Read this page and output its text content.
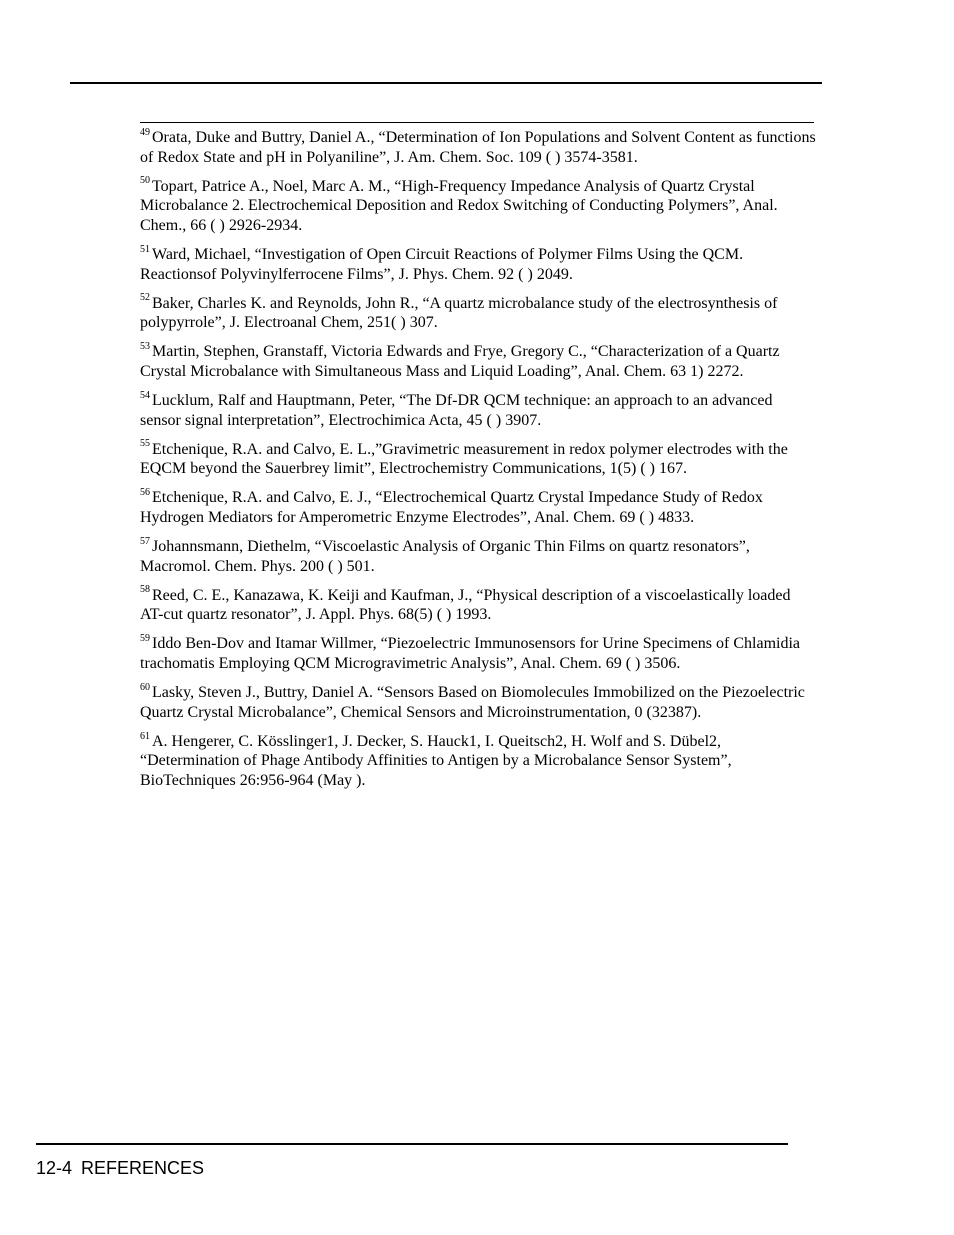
$^{49}$ Orata, Duke and Buttry, Daniel A., “Determination of Ion Populations and Solvent Content as functions of Redox State and pH in Polyaniline”, J. Am. Chem. Soc. 109 ( ) 3574-3581.

$^{50}$ Topart, Patrice A., Noel, Marc A. M., “High-Frequency Impedance Analysis of Quartz Crystal Microbalance 2. Electrochemical Deposition and Redox Switching of Conducting Polymers”, Anal. Chem., 66 ( ) 2926-2934.

$^{51}$ Ward, Michael, “Investigation of Open Circuit Reactions of Polymer Films Using the QCM. Reactionsof Polyvinylferrocene Films”, J. Phys. Chem. 92 ( ) 2049.

$^{52}$ Baker, Charles K. and Reynolds, John R., “A quartz microbalance study of the electrosynthesis of polypyrrole”, J. Electroanal Chem, 251( ) 307.

$^{53}$ Martin, Stephen, Granstaff, Victoria Edwards and Frye, Gregory C., “Characterization of a Quartz Crystal Microbalance with Simultaneous Mass and Liquid Loading”, Anal. Chem. 63 1) 2272.

$^{54}$ Lucklum, Ralf and Hauptmann, Peter, “The Df-DR QCM technique: an approach to an advanced sensor signal interpretation”, Electrochimica Acta, 45 ( ) 3907.

$^{55}$ Etchenique, R.A. and Calvo, E. L.,”Gravimetric measurement in redox polymer electrodes with the EQCM beyond the Sauerbrey limit”, Electrochemistry Communications, 1(5) ( ) 167.

$^{56}$ Etchenique, R.A. and Calvo, E. J., “Electrochemical Quartz Crystal Impedance Study of Redox Hydrogen Mediators for Amperometric Enzyme Electrodes”, Anal. Chem. 69 ( ) 4833.

$^{57}$ Johannsmann, Diethelm, “Viscoelastic Analysis of Organic Thin Films on quartz resonators”, Macromol. Chem. Phys. 200 ( ) 501.

$^{58}$ Reed, C. E., Kanazawa, K. Keiji and Kaufman, J., “Physical description of a viscoelastically loaded AT-cut quartz resonator”, J. Appl. Phys. 68(5) ( ) 1993.

$^{59}$ Iddo Ben-Dov and Itamar Willmer, “Piezoelectric Immunosensors for Urine Specimens of Chlamidia trachomatis Employing QCM Microgravimetric Analysis”, Anal. Chem. 69 ( ) 3506.

$^{60}$ Lasky, Steven J., Buttry, Daniel A. “Sensors Based on Biomolecules Immobilized on the Piezoelectric Quartz Crystal Microbalance”, Chemical Sensors and Microinstrumentation, 0 (32387).

$^{61}$ A. Hengerer, C. Kösslinger1, J. Decker, S. Hauck1, I. Queitsch2, H. Wolf and S. Dübel2, “Determination of Phage Antibody Affinities to Antigen by a Microbalance Sensor System”, BioTechniques 26:956-964 (May ).

12-4 REFERENCES
